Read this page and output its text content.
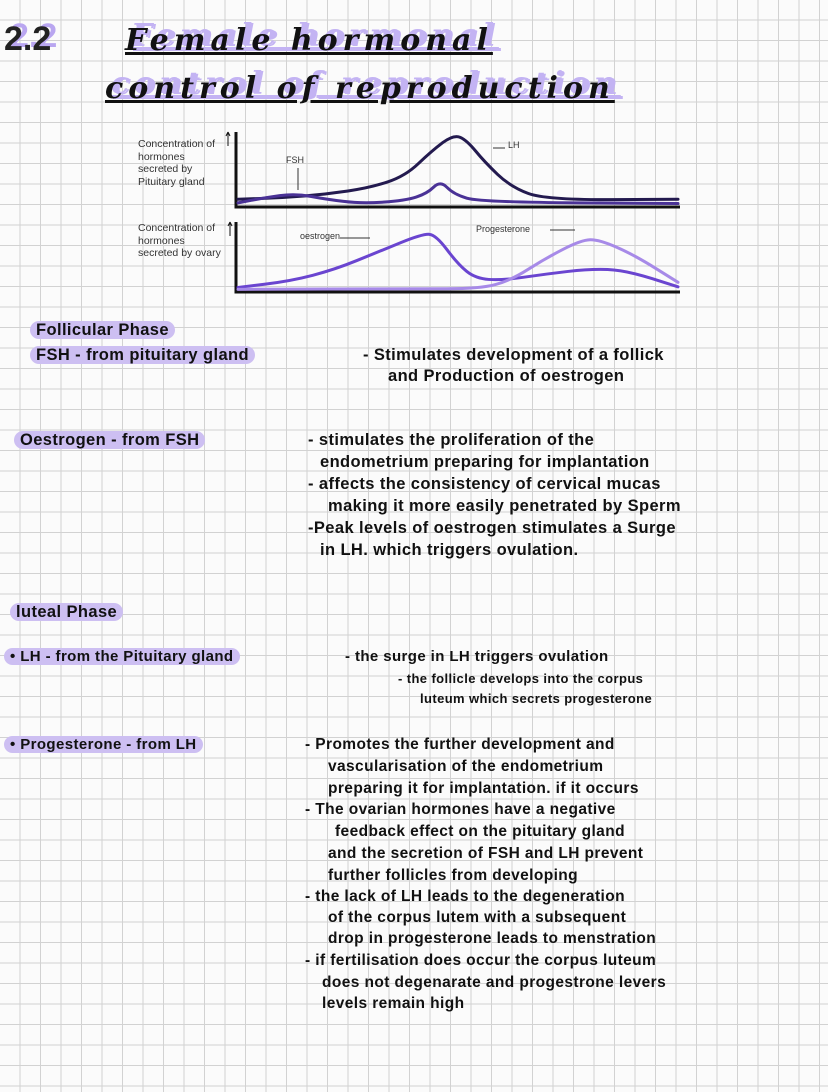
2.2 Female hormonal
control of reproduction
Concentration of hormones secreted by Pituitary gland
Concentration of hormones secreted by ovary
LH
FSH
oestrogen
Progesterone
Follicular Phase
FSH - from pituitary gland	- Stimulates development of a follick
and Production of oestrogen
Oestrogen - from FSH	- stimulates the proliferation of the
endometrium preparing for implantation
- affects the consistency of cervical mucas
making it more easily penetrated by Sperm
-Peak levels of oestrogen stimulates a Surge
in LH. which triggers ovulation.
luteal Phase
• LH - from the Pituitary gland	- the surge in LH triggers ovulation
- the follicle develops into the corpus
luteum which secrets progesterone
• Progesterone - from LH	- Promotes the further development and
vascularisation of the endometrium
preparing it for implantation. if it occurs
- The ovarian hormones have a negative
feedback effect on the pituitary gland
and the secretion of FSH and LH prevent
further follicles from developing
- the lack of LH leads to the degeneration
of the corpus lutem with a subsequent
drop in progesterone leads to menstration
- if fertilisation does occur the corpus luteum
does not degenarate and progestrone levers
levels remain high
